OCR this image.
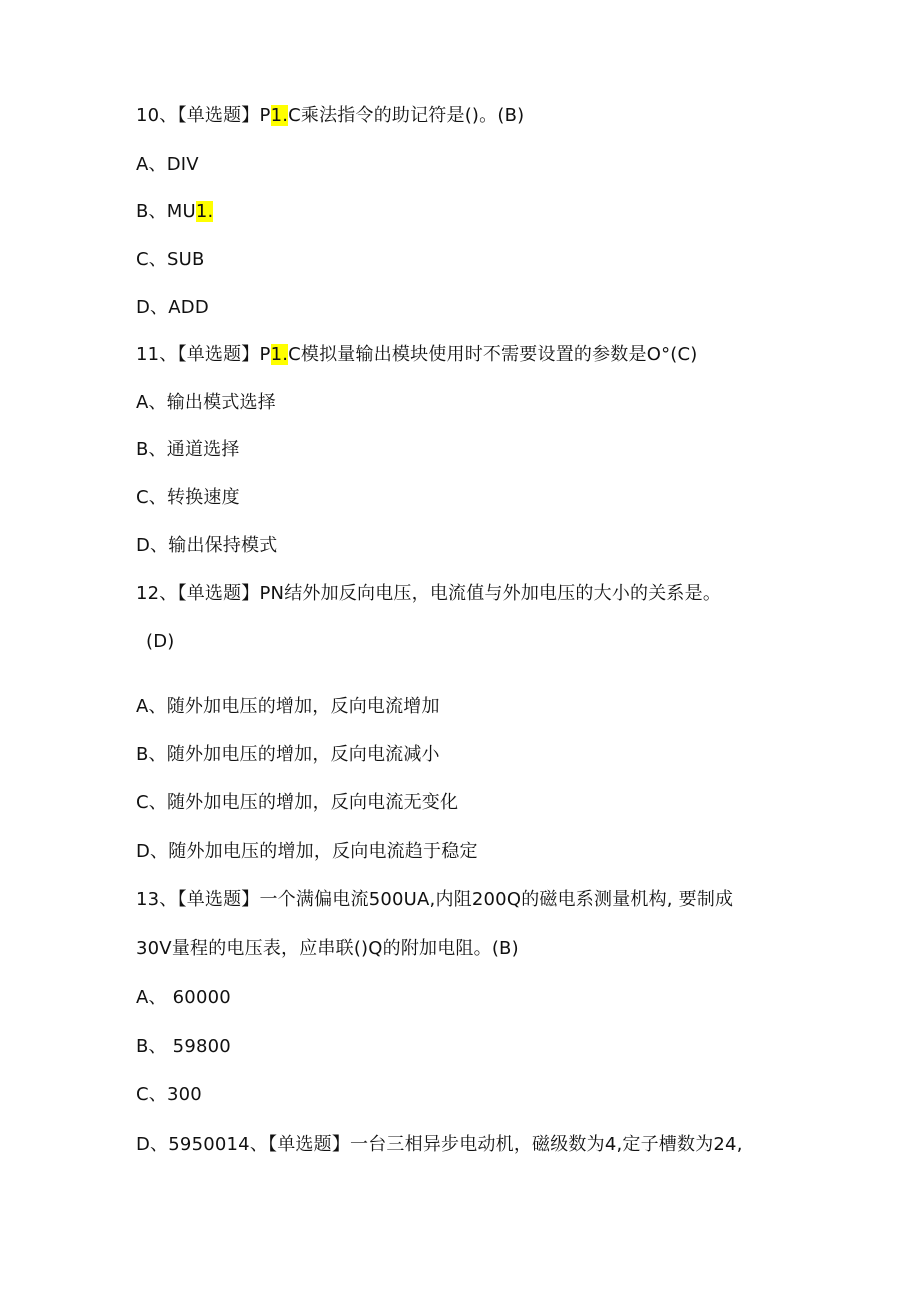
10、【单选题】P1.C乘法指令的助记符是()。(B)
A、DIV
B、MU1.
C、SUB
D、ADD
11、【单选题】P1.C模拟量输出模块使用时不需要设置的参数是O°(C)
A、输出模式选择
B、通道选择
C、转换速度
D、输出保持模式
12、【单选题】PN结外加反向电压，电流值与外加电压的大小的关系是。
(D)
A、随外加电压的增加，反向电流增加
B、随外加电压的增加，反向电流减小
C、随外加电压的增加，反向电流无变化
D、随外加电压的增加，反向电流趋于稳定
13、【单选题】一个满偏电流500UA,内阻200Q的磁电系测量机构, 要制成
30V量程的电压表，应串联()Q的附加电阻。(B)
A、 60000
B、 59800
C、300
D、5950014、【单选题】一台三相异步电动机，磁级数为4,定子槽数为24,
